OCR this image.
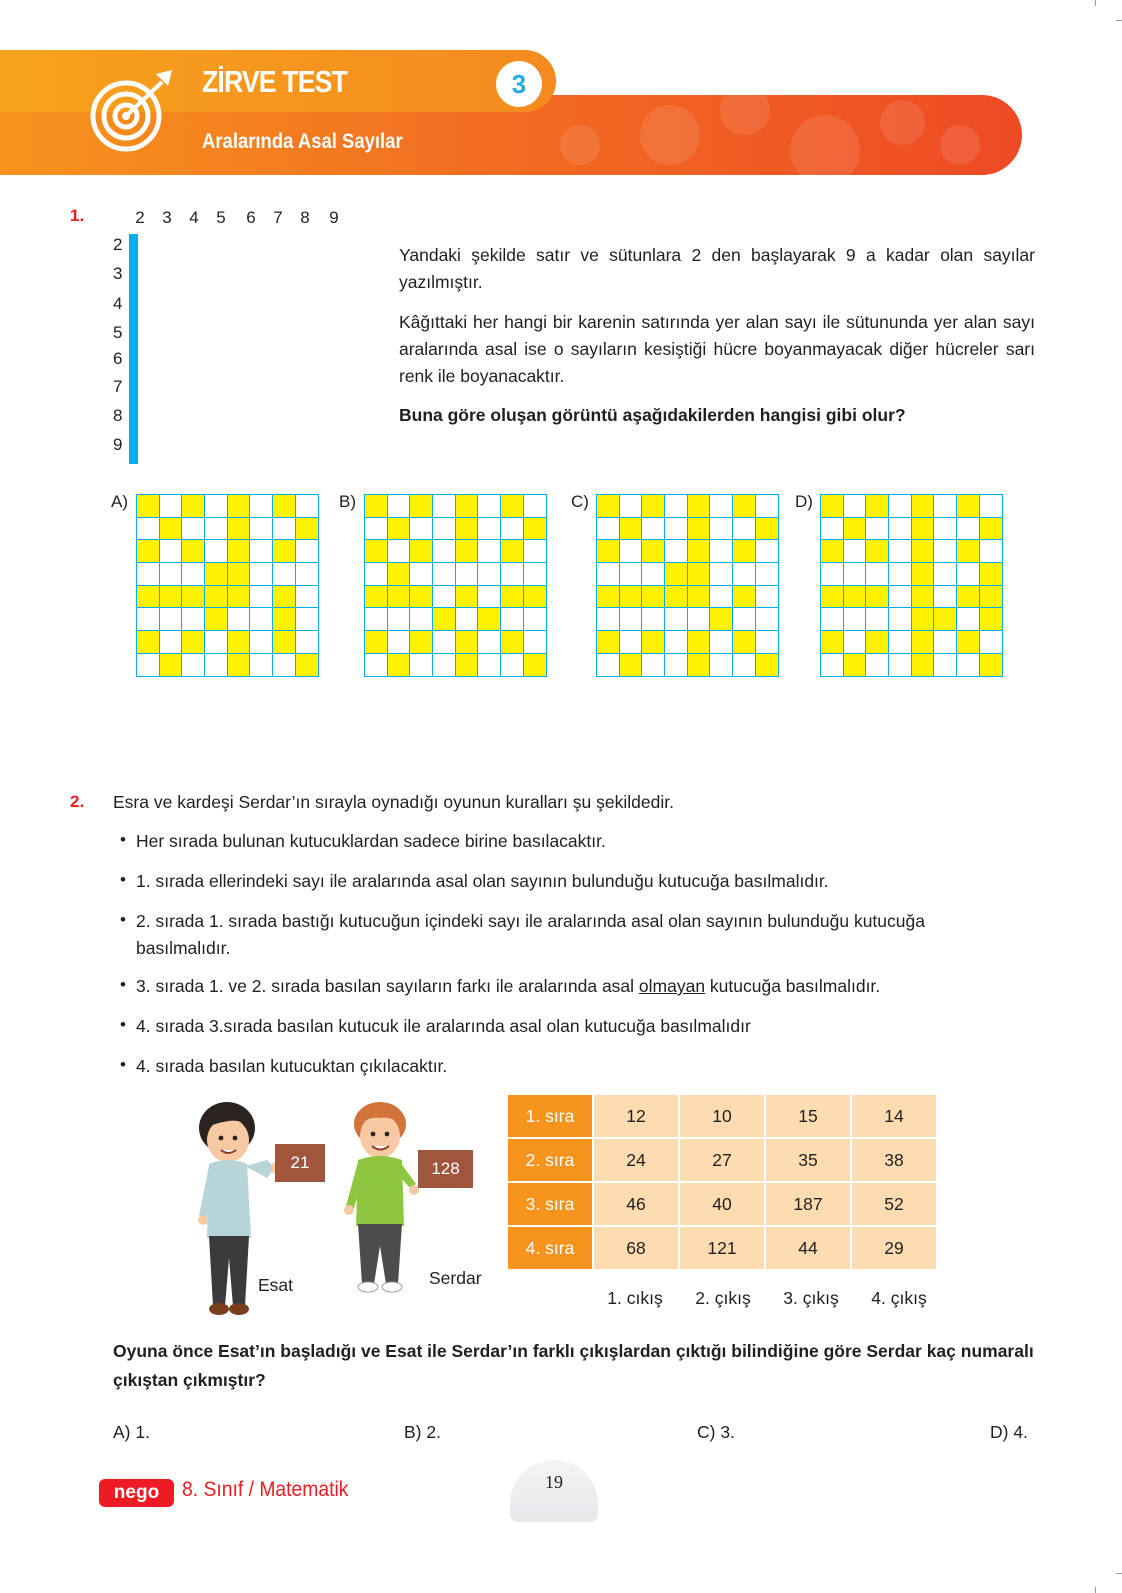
ZİRVE TEST	3
Aralarında Asal Sayılar
1.	2	3	4	5	6	7	8	9
2
3
4
5
6
7
8
9

Yandaki şekilde satır ve sütunlara 2 den başlayarak 9 a kadar olan sayılar yazılmıştır.
Kâğıttaki her hangi bir karenin satırında yer alan sayı ile sütununda yer alan sayı aralarında asal ise o sayıların kesiştiği hücre boyanmayacak diğer hücreler sarı renk ile boyanacaktır.
Buna göre oluşan görüntü aşağıdakilerden hangisi gibi olur?
A)

								B)

								C)

								D)

2. Esra ve kardeşi Serdar’ın sırayla oynadığı oyunun kuralları şu şekildedir.
• Her sırada bulunan kutucuklardan sadece birine basılacaktır.
• 1. sırada ellerindeki sayı ile aralarında asal olan sayının bulunduğu kutucuğa basılmalıdır.
• 2. sırada 1. sırada bastığı kutucuğun içindeki sayı ile aralarında asal olan sayının bulunduğu kutucuğa
basılmalıdır.
• 3. sırada 1. ve 2. sırada basılan sayıların farkı ile aralarında asal olmayan kutucuğa basılmalıdır.
• 4. sırada 3.sırada basılan kutucuk ile aralarında asal olan kutucuğa basılmalıdır
• 4. sırada basılan kutucuktan çıkılacaktır.
21
Esat
128
Serdar
1. sıra	12	10	15	14
2. sıra	24	27	35	38
3. sıra	46	40	187	52
4. sıra	68	121	44	29
1. cıkış	2. çıkış	3. çıkış	4. çıkış
Oyuna önce Esat’ın başladığı ve Esat ile Serdar’ın farklı çıkışlardan çıktığı bilindiğine göre Serdar kaç numaralı çıkıştan çıkmıştır?
A) 1.	B) 2.	C) 3.	D) 4.
19
nego	8. Sınıf / Matematik
